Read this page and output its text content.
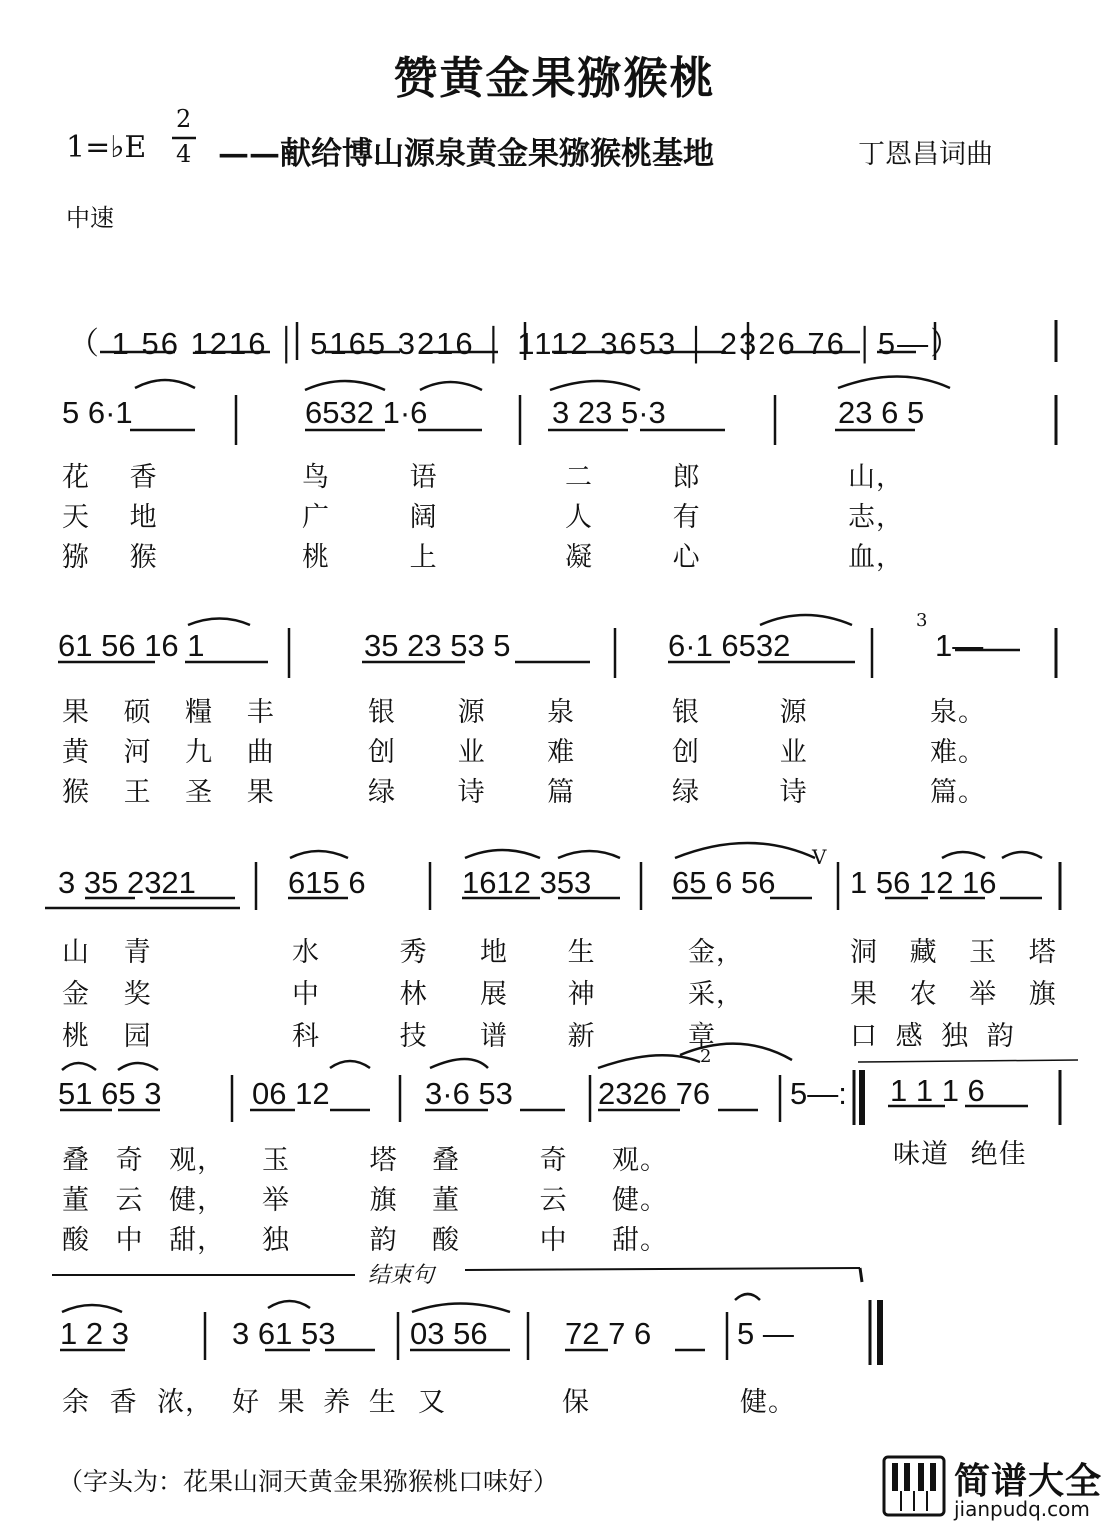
赞黄金果猕猴桃
1=♭E
2
4 ——献给博山源泉黄金果猕猴桃基地	丁恩昌词曲
中速
（ 1 56 1216 │ 5165 3216 │ 1112 3653 │ 2326 76 │5—）
5 6·1	6532 1·6	3 23 5·3	23 6 5
花 香	鸟 语	二 郎	山，
天 地	广 阔	人 有	志，
猕 猴	桃 上	凝 心	血，
61 56 16 1	35 23 53 5	6·1 6532
3
1—
果 硕 糧 丰	银 源 泉	银 源	泉。
黄 河 九 曲	创 业 难	创 业	难。
猴 王 圣 果	绿 诗 篇	绿 诗	篇。
3 35 2321	615 6	1612 353	65 6 56
V
1 56 12 16
山 青	水 秀 地 生	金，	洞 藏 玉 塔
金 奖	中 林 展 神	采，	果 农 举 旗
桃 园	科 技 谱 新	章	口 感 独 韵
51 65 3	06 12	3·6 53
2
2326 76	5—: 1 1 1 6
叠 奇 观， 玉 塔 叠 奇 观。	味道 绝佳
董 云 健， 举 旗 董 云 健。
酸 中 甜， 独 韵 酸 中 甜。
结束句
1 2 3	3 61 53 03 56 72 7 6	5 —
余 香 浓， 好 果 养 生 又	保	健。
（字头为：花果山洞天黄金果猕猴桃口味好）	简谱大全
jianpudq.com
